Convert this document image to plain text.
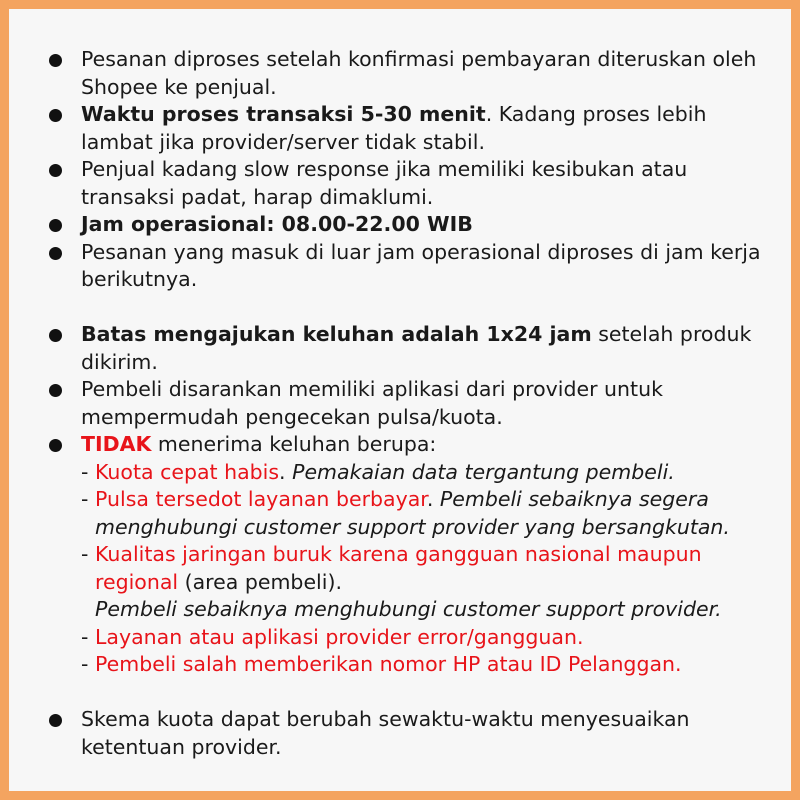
Pesanan diproses setelah konfirmasi pembayaran diteruskan oleh Shopee ke penjual.
Waktu proses transaksi 5-30 menit. Kadang proses lebih lambat jika provider/server tidak stabil.
Penjual kadang slow response jika memiliki kesibukan atau transaksi padat, harap dimaklumi.
Jam operasional: 08.00-22.00 WIB
Pesanan yang masuk di luar jam operasional diproses di jam kerja berikutnya.
Batas mengajukan keluhan adalah 1x24 jam setelah produk dikirim.
Pembeli disarankan memiliki aplikasi dari provider untuk mempermudah pengecekan pulsa/kuota.
TIDAK menerima keluhan berupa:
- Kuota cepat habis. Pemakaian data tergantung pembeli.
- Pulsa tersedot layanan berbayar. Pembeli sebaiknya segera menghubungi customer support provider yang bersangkutan.
- Kualitas jaringan buruk karena gangguan nasional maupun regional (area pembeli).
Pembeli sebaiknya menghubungi customer support provider.
- Layanan atau aplikasi provider error/gangguan.
- Pembeli salah memberikan nomor HP atau ID Pelanggan.
Skema kuota dapat berubah sewaktu-waktu menyesuaikan ketentuan provider.
